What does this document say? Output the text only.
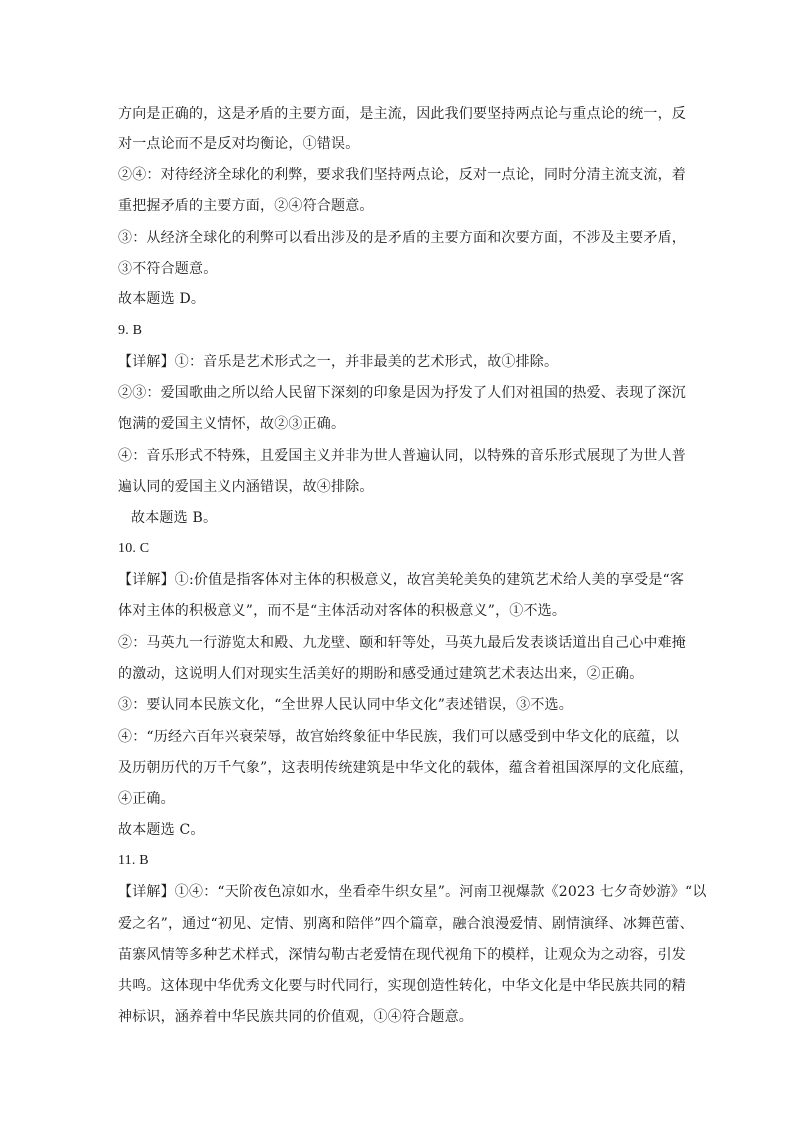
方向是正确的，这是矛盾的主要方面，是主流，因此我们要坚持两点论与重点论的统一，反
对一点论而不是反对均衡论，①错误。
②④：对待经济全球化的利弊，要求我们坚持两点论，反对一点论，同时分清主流支流，着
重把握矛盾的主要方面，②④符合题意。
③：从经济全球化的利弊可以看出涉及的是矛盾的主要方面和次要方面，不涉及主要矛盾，
③不符合题意。
故本题选 D。
9. B
【详解】①：音乐是艺术形式之一，并非最美的艺术形式，故①排除。
②③：爱国歌曲之所以给人民留下深刻的印象是因为抒发了人们对祖国的热爱、表现了深沉
饱满的爱国主义情怀，故②③正确。
④：音乐形式不特殊，且爱国主义并非为世人普遍认同，以特殊的音乐形式展现了为世人普
遍认同的爱国主义内涵错误，故④排除。
故本题选 B。
10. C
【详解】①:价值是指客体对主体的积极意义，故宫美轮美奂的建筑艺术给人美的享受是“客
体对主体的积极意义”，而不是“主体活动对客体的积极意义”，①不选。
②：马英九一行游览太和殿、九龙壁、颐和轩等处，马英九最后发表谈话道出自己心中难掩
的激动，这说明人们对现实生活美好的期盼和感受通过建筑艺术表达出来，②正确。
③：要认同本民族文化，“全世界人民认同中华文化”表述错误，③不选。
④：“历经六百年兴衰荣辱，故宫始终象征中华民族，我们可以感受到中华文化的底蕴，以
及历朝历代的万千气象”，这表明传统建筑是中华文化的载体，蕴含着祖国深厚的文化底蕴，
④正确。
故本题选 C。
11. B
【详解】①④：“天阶夜色凉如水，坐看牵牛织女星”。河南卫视爆款《2023 七夕奇妙游》“以
爱之名”，通过“初见、定情、别离和陪伴”四个篇章，融合浪漫爱情、剧情演绎、冰舞芭蕾、
苗寨风情等多种艺术样式，深情勾勒古老爱情在现代视角下的模样，让观众为之动容，引发
共鸣。这体现中华优秀文化要与时代同行，实现创造性转化，中华文化是中华民族共同的精
神标识，涵养着中华民族共同的价值观，①④符合题意。
